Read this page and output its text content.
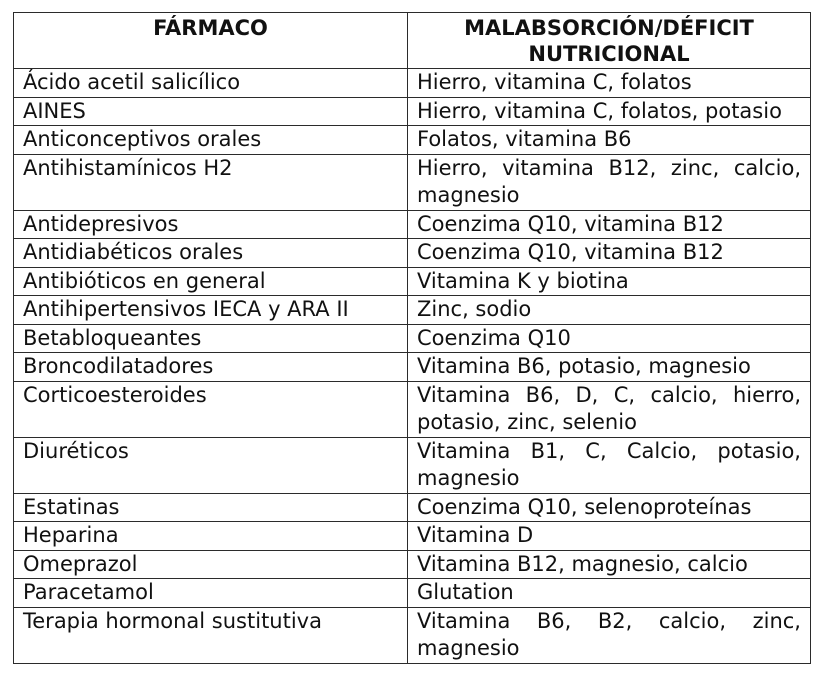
FÁRMACO	MALABSORCIÓN/DÉFICIT NUTRICIONAL
Ácido acetil salicílico	Hierro, vitamina C, folatos
AINES	Hierro, vitamina C, folatos, potasio
Anticonceptivos orales	Folatos, vitamina B6
Antihistamínicos H2	Hierro, vitamina B12, zinc, calcio, magnesio
Antidepresivos	Coenzima Q10, vitamina B12
Antidiabéticos orales	Coenzima Q10, vitamina B12
Antibióticos en general	Vitamina K y biotina
Antihipertensivos IECA y ARA II	Zinc, sodio
Betabloqueantes	Coenzima Q10
Broncodilatadores	Vitamina B6, potasio, magnesio
Corticoesteroides	Vitamina B6, D, C, calcio, hierro, potasio, zinc, selenio
Diuréticos	Vitamina B1, C, Calcio, potasio, magnesio
Estatinas	Coenzima Q10, selenoproteínas
Heparina	Vitamina D
Omeprazol	Vitamina B12, magnesio, calcio
Paracetamol	Glutation
Terapia hormonal sustitutiva	Vitamina B6, B2, calcio, zinc, magnesio
